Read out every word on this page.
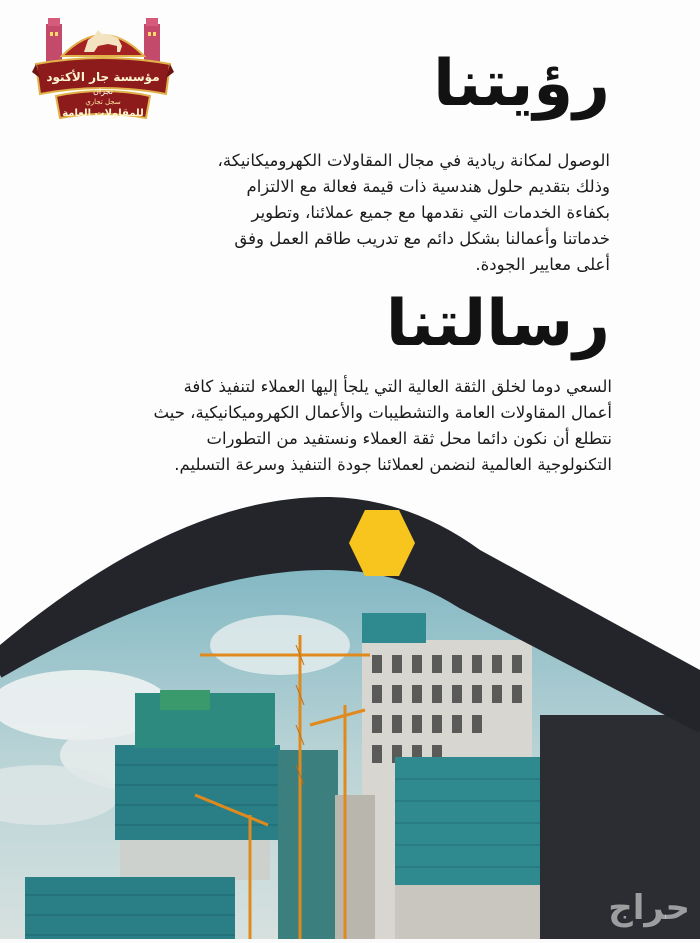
مؤسسة جار الأكتود
نجران
سجل تجاري
للمقاولات العامة	رؤيتنا
الوصول لمكانة ريادية في مجال المقاولات الكهروميكانيكة،
وذلك بتقديم حلول هندسية ذات قيمة فعالة مع الالتزام
بكفاءة الخدمات التي نقدمها مع جميع عملائنا، وتطوير
خدماتنا وأعمالنا بشكل دائم مع تدريب طاقم العمل وفق
أعلى معايير الجودة.
رسالتنا
السعي دوما لخلق الثقة العالية التي يلجأ إليها العملاء لتنفيذ كافة
أعمال المقاولات العامة والتشطيبات والأعمال الكهروميكانيكية، حيث
نتطلع أن نكون دائما محل ثقة العملاء ونستفيد من التطورات
التكنولوجية العالمية لنضمن لعملائنا جودة التنفيذ وسرعة التسليم.
حراج
